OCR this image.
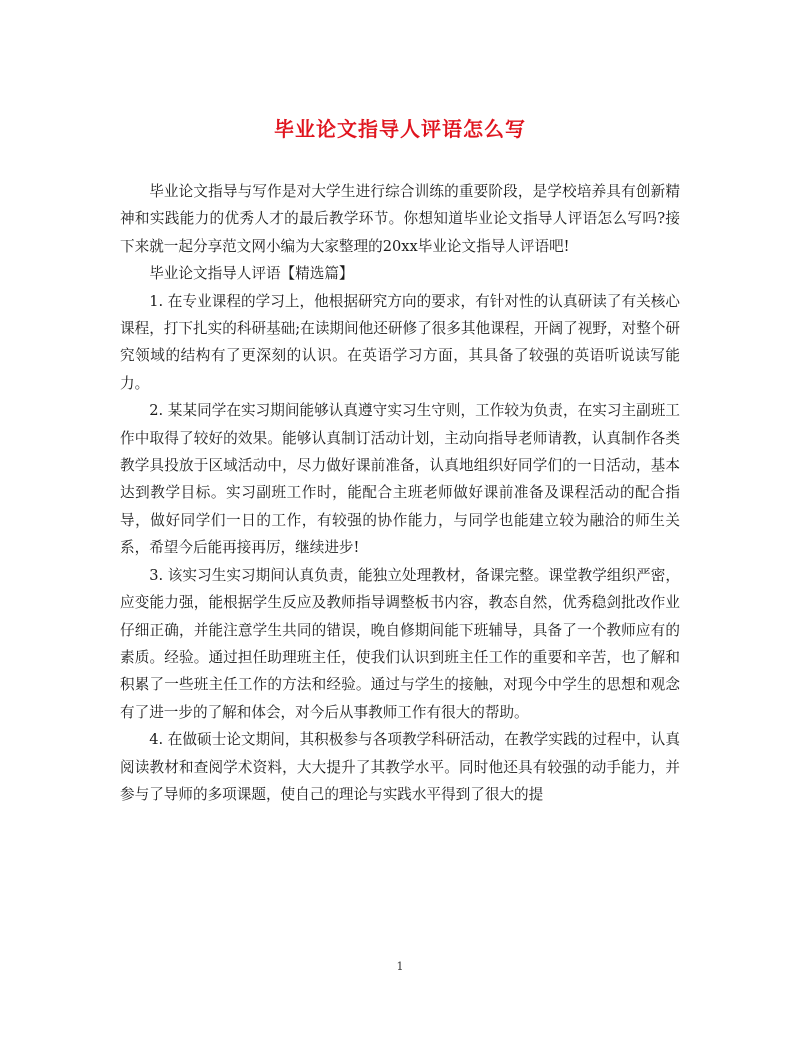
毕业论文指导人评语怎么写

毕业论文指导与写作是对大学生进行综合训练的重要阶段，是学校培养具有创新精神和实践能力的优秀人才的最后教学环节。你想知道毕业论文指导人评语怎么写吗?接下来就一起分享范文网小编为大家整理的20xx毕业论文指导人评语吧!

毕业论文指导人评语【精选篇】

1. 在专业课程的学习上，他根据研究方向的要求，有针对性的认真研读了有关核心课程，打下扎实的科研基础;在读期间他还研修了很多其他课程，开阔了视野，对整个研究领域的结构有了更深刻的认识。在英语学习方面，其具备了较强的英语听说读写能力。

2. 某某同学在实习期间能够认真遵守实习生守则，工作较为负责，在实习主副班工作中取得了较好的效果。能够认真制订活动计划，主动向指导老师请教，认真制作各类教学具投放于区域活动中，尽力做好课前准备，认真地组织好同学们的一日活动，基本达到教学目标。实习副班工作时，能配合主班老师做好课前准备及课程活动的配合指导，做好同学们一日的工作，有较强的协作能力，与同学也能建立较为融洽的师生关系，希望今后能再接再厉，继续进步!

3. 该实习生实习期间认真负责，能独立处理教材，备课完整。课堂教学组织严密，应变能力强，能根据学生反应及教师指导调整板书内容，教态自然，优秀稳剑批改作业仔细正确，并能注意学生共同的错误，晚自修期间能下班辅导，具备了一个教师应有的素质。经验。通过担任助理班主任，使我们认识到班主任工作的重要和辛苦，也了解和积累了一些班主任工作的方法和经验。通过与学生的接触，对现今中学生的思想和观念有了进一步的了解和体会，对今后从事教师工作有很大的帮助。

4. 在做硕士论文期间，其积极参与各项教学科研活动，在教学实践的过程中，认真阅读教材和查阅学术资料，大大提升了其教学水平。同时他还具有较强的动手能力，并参与了导师的多项课题，使自己的理论与实践水平得到了很大的提

1
